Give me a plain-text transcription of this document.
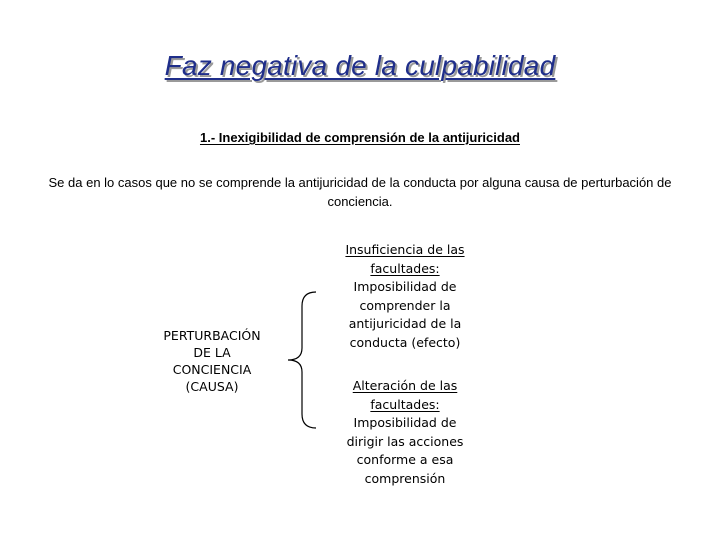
Faz negativa de la culpabilidad
1.- Inexigibilidad de comprensión de la antijuricidad
Se da en lo casos que no se comprende la antijuricidad de la conducta por alguna causa de perturbación de conciencia.
PERTURBACIÓN
DE LA
CONCIENCIA
(CAUSA)
Insuficiencia de las
facultades:
Imposibilidad de
comprender la
antijuricidad de la
conducta (efecto)
Alteración de las
facultades:
Imposibilidad de
dirigir las acciones
conforme a esa
comprensión
